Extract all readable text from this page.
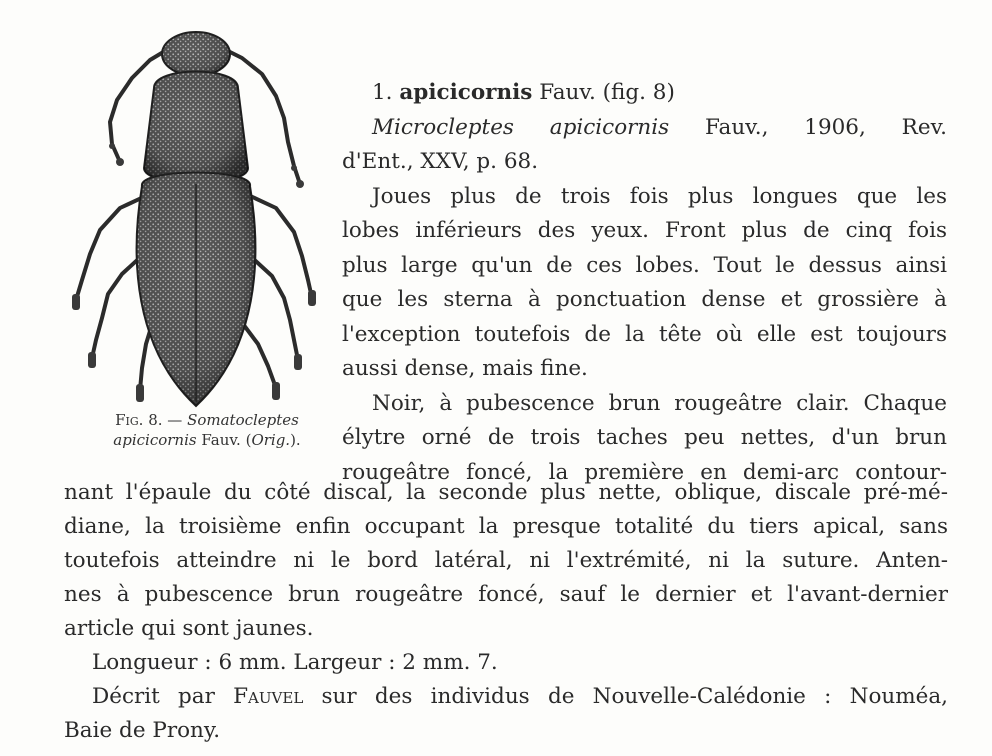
Fig. 8. — Somatocleptes
apicicornis Fauv. (Orig.).
1. apicicornis Fauv. (fig. 8)
Microcleptes apicicornis Fauv., 1906, Rev.
d'Ent., XXV, p. 68.
Joues plus de trois fois plus longues que les
lobes inférieurs des yeux. Front plus de cinq fois
plus large qu'un de ces lobes. Tout le dessus ainsi
que les sterna à ponctuation dense et grossière à
l'exception toutefois de la tête où elle est toujours
aussi dense, mais fine.
Noir, à pubescence brun rougeâtre clair. Chaque
élytre orné de trois taches peu nettes, d'un brun
rougeâtre foncé, la première en demi-arc contour-
nant l'épaule du côté discal, la seconde plus nette, oblique, discale pré-mé-
diane, la troisième enfin occupant la presque totalité du tiers apical, sans
toutefois atteindre ni le bord latéral, ni l'extrémité, ni la suture. Anten-
nes à pubescence brun rougeâtre foncé, sauf le dernier et l'avant-dernier
article qui sont jaunes.
Longueur : 6 mm. Largeur : 2 mm. 7.
Décrit par Fauvel sur des individus de Nouvelle-Calédonie : Nouméa,
Baie de Prony.
